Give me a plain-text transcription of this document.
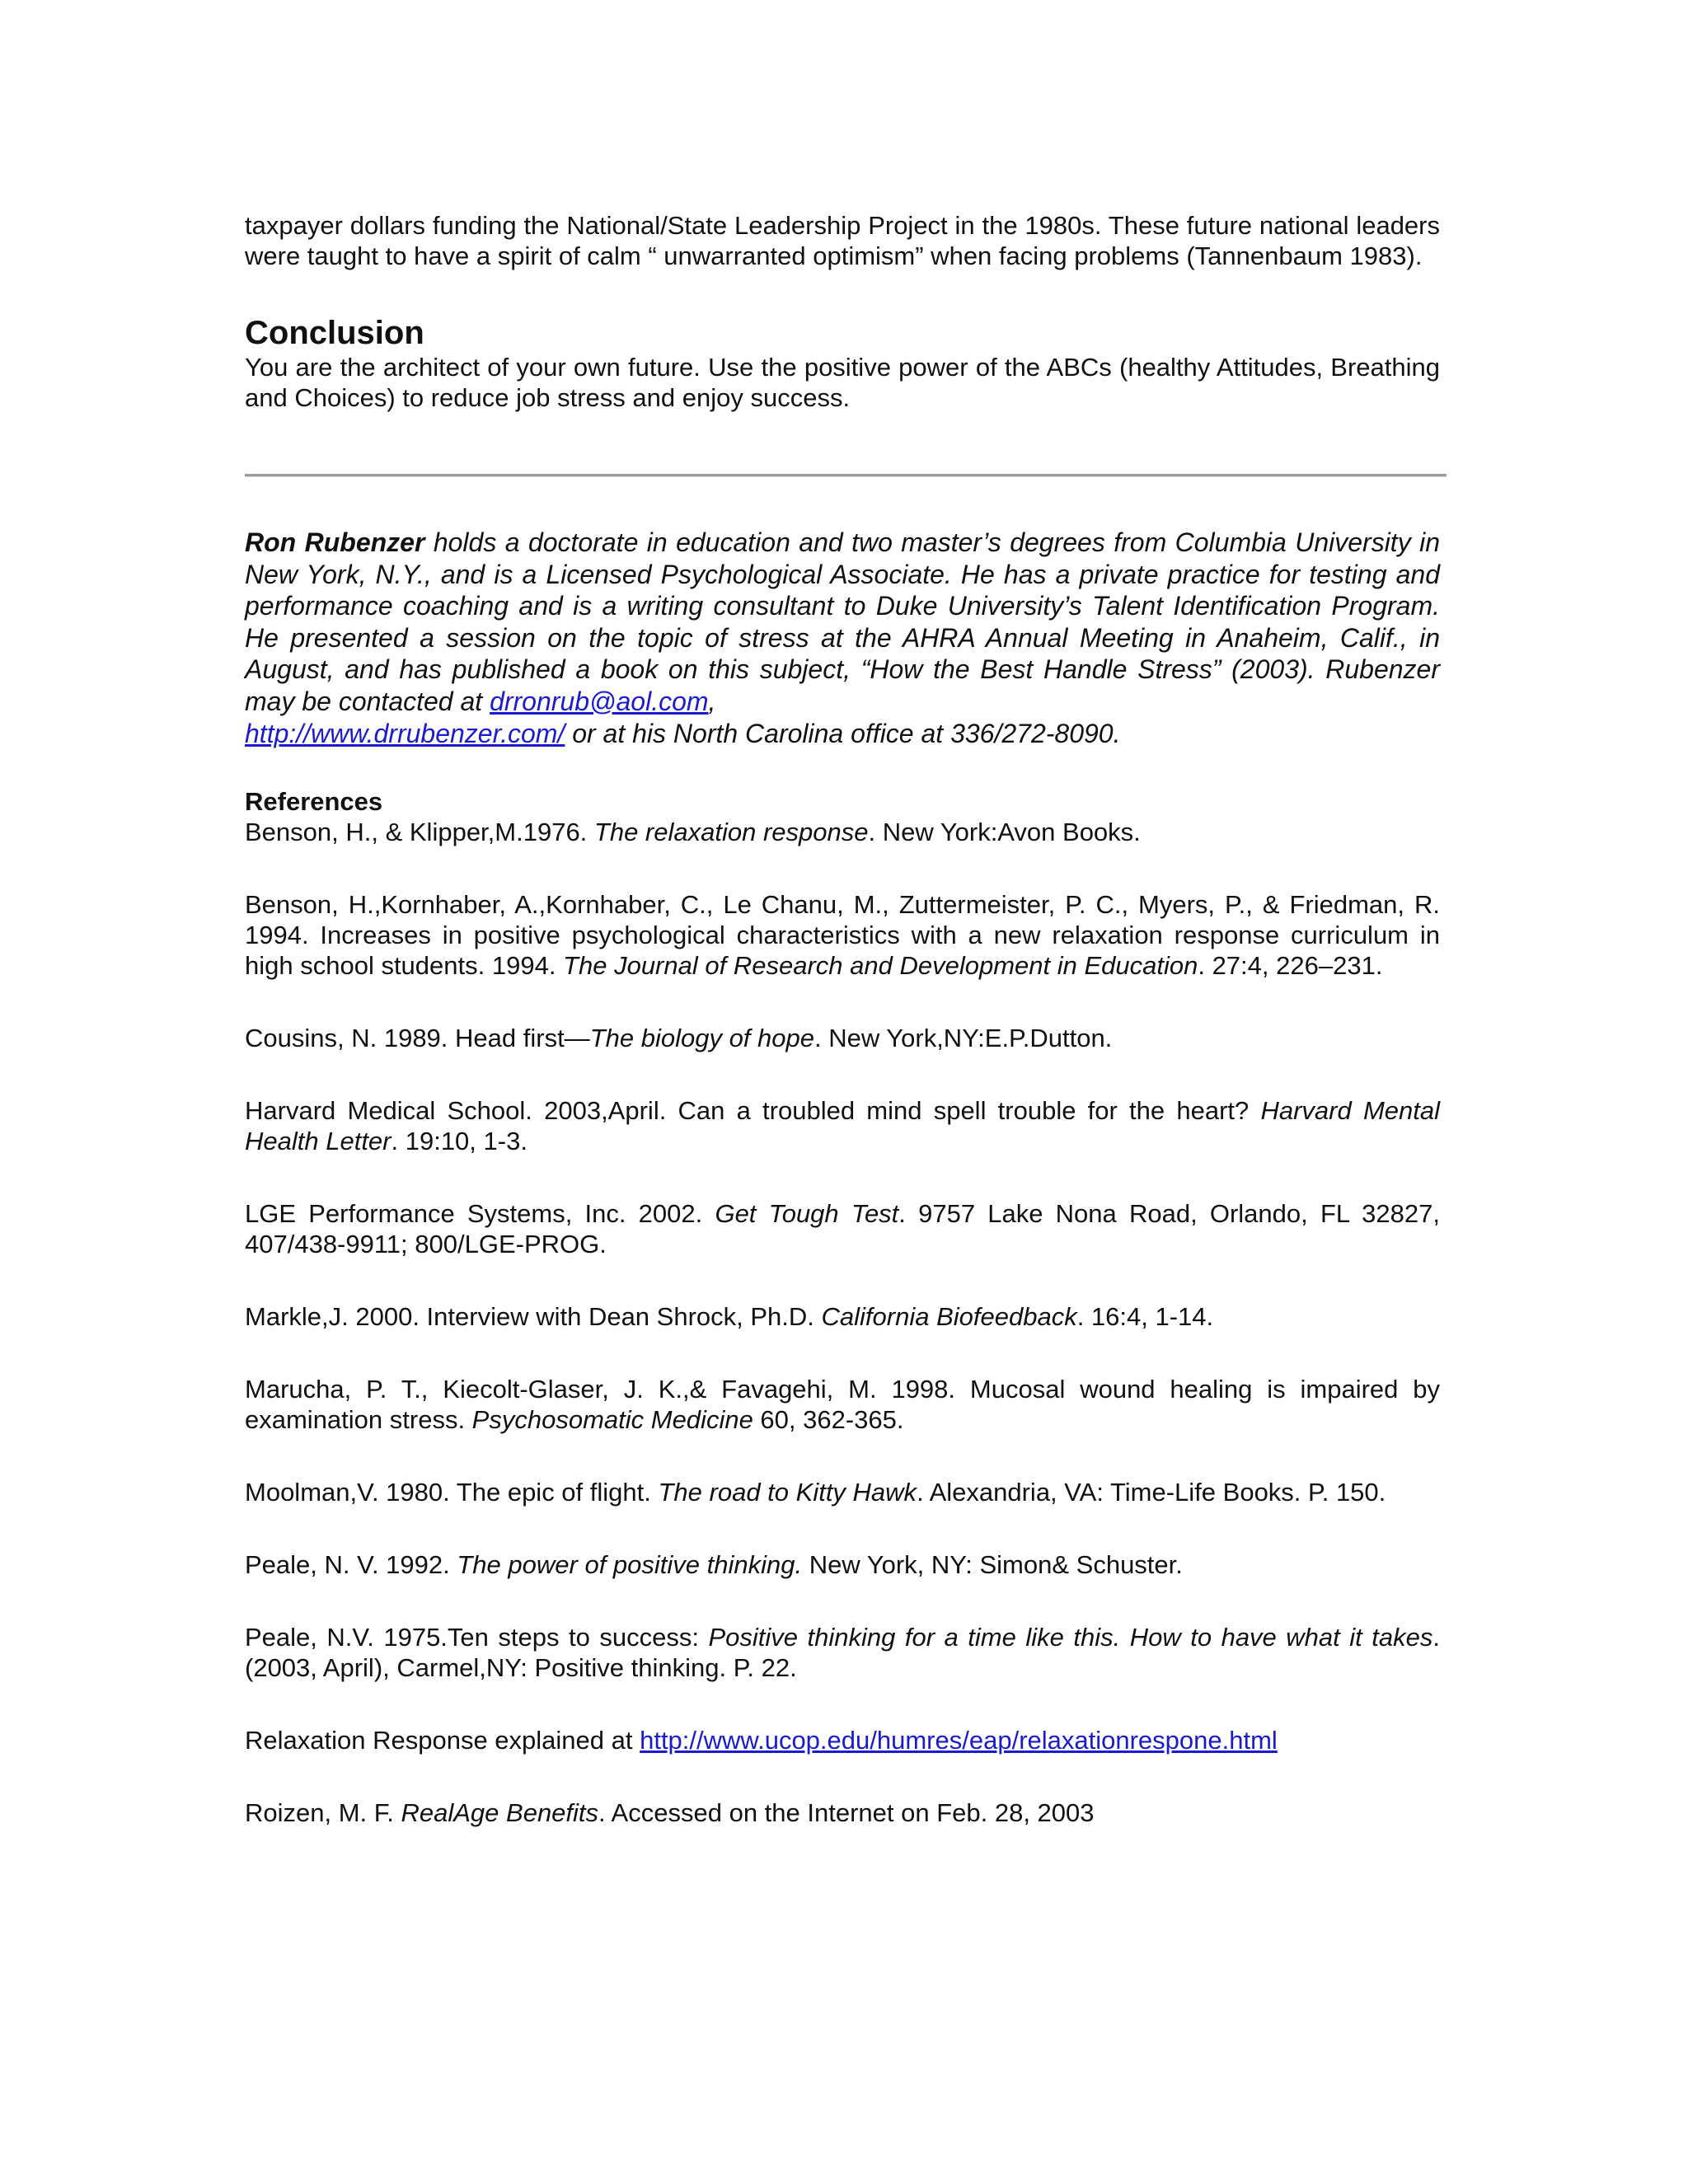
taxpayer dollars funding the National/State Leadership Project in the 1980s. These future national leaders were taught to have a spirit of calm “ unwarranted optimism” when facing problems (Tannenbaum 1983).

Conclusion

You are the architect of your own future. Use the positive power of the ABCs (healthy Attitudes, Breathing and Choices) to reduce job stress and enjoy success.

Ron Rubenzer holds a doctorate in education and two master’s degrees from Columbia University in New York, N.Y., and is a Licensed Psychological Associate. He has a private practice for testing and performance coaching and is a writing consultant to Duke University’s Talent Identification Program. He presented a session on the topic of stress at the AHRA Annual Meeting in Anaheim, Calif., in August, and has published a book on this subject, “How the Best Handle Stress” (2003). Rubenzer may be contacted at drronrub@aol.com,
http://www.drrubenzer.com/ or at his North Carolina office at 336/272-8090.

References

Benson, H., & Klipper,M.1976. The relaxation response. New York:Avon Books.

Benson, H.,Kornhaber, A.,Kornhaber, C., Le Chanu, M., Zuttermeister, P. C., Myers, P., & Friedman, R. 1994. Increases in positive psychological characteristics with a new relaxation response curriculum in high school students. 1994. The Journal of Research and Development in Education. 27:4, 226–231.

Cousins, N. 1989. Head first—The biology of hope. New York,NY:E.P.Dutton.

Harvard Medical School. 2003,April. Can a troubled mind spell trouble for the heart? Harvard Mental Health Letter. 19:10, 1-3.

LGE Performance Systems, Inc. 2002. Get Tough Test. 9757 Lake Nona Road, Orlando, FL 32827, 407/438-9911; 800/LGE-PROG.

Markle,J. 2000. Interview with Dean Shrock, Ph.D. California Biofeedback. 16:4, 1-14.

Marucha, P. T., Kiecolt-Glaser, J. K.,& Favagehi, M. 1998. Mucosal wound healing is impaired by examination stress. Psychosomatic Medicine 60, 362-365.

Moolman,V. 1980. The epic of flight. The road to Kitty Hawk. Alexandria, VA: Time-Life Books. P. 150.

Peale, N. V. 1992. The power of positive thinking. New York, NY: Simon& Schuster.

Peale, N.V. 1975.Ten steps to success: Positive thinking for a time like this. How to have what it takes. (2003, April), Carmel,NY: Positive thinking. P. 22.

Relaxation Response explained at http://www.ucop.edu/humres/eap/relaxationrespone.html

Roizen, M. F. RealAge Benefits. Accessed on the Internet on Feb. 28, 2003
